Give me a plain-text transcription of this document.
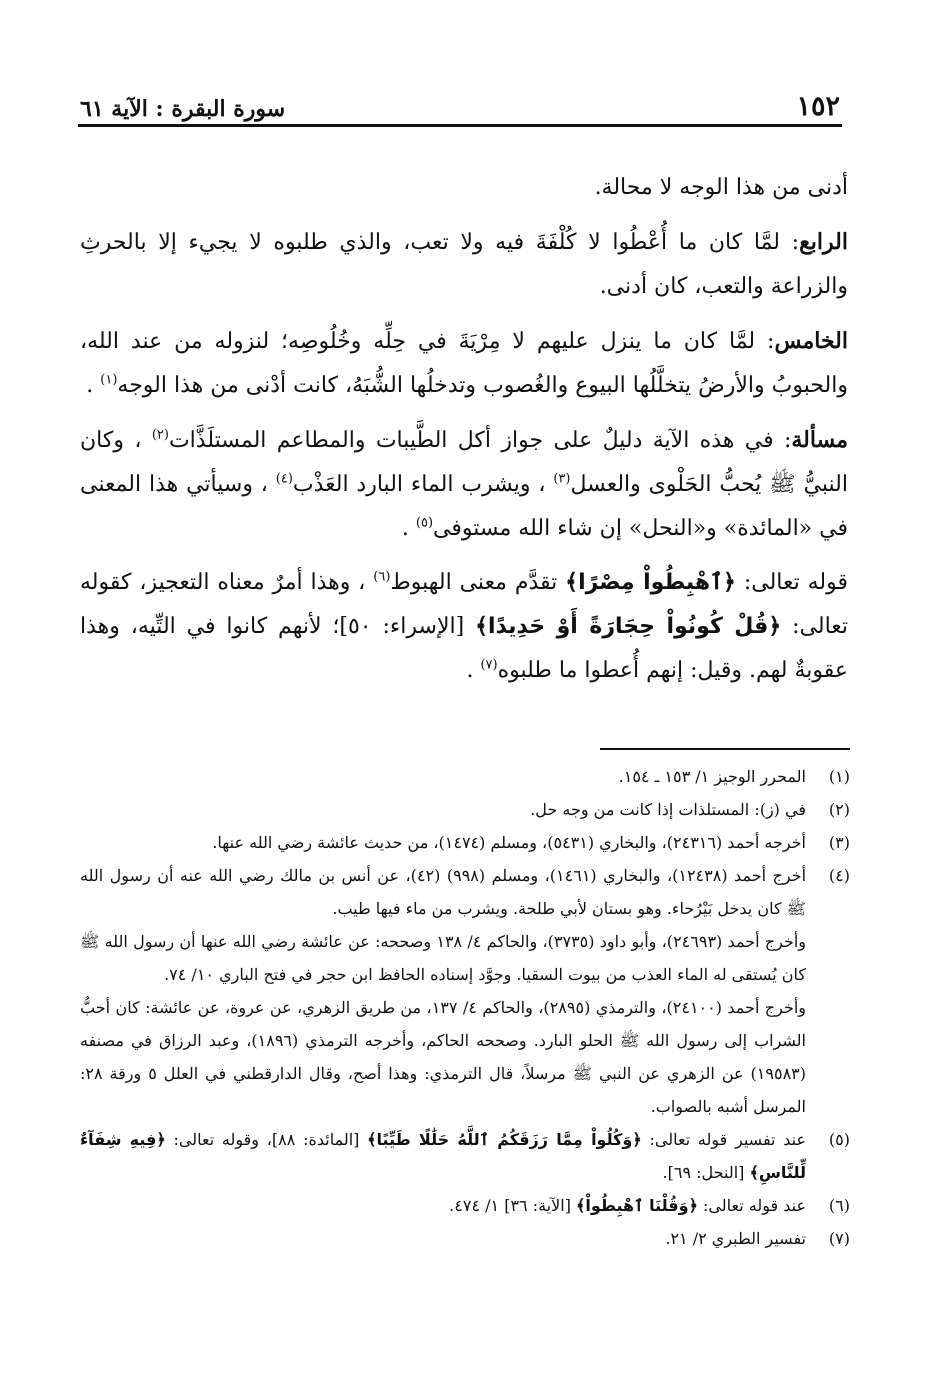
١٥٢
سورة البقرة : الآية ٦١

أدنى من هذا الوجه لا محالة.

الرابع: لمَّا كان ما أُعْطُوا لا كُلْفَةَ فيه ولا تعب، والذي طلبوه لا يجيء إلا بالحرثِ والزراعة والتعب، كان أدنى.

الخامس: لمَّا كان ما ينزل عليهم لا مِرْيَةَ في حِلِّه وخُلُوصِه؛ لنزوله من عند الله، والحبوبُ والأرضُ يتخلَّلُها البيوع والغُصوب وتدخلُها الشُّبَهُ، كانت أدْنى من هذا الوجه$^{(١)}$ .

مسألة: في هذه الآية دليلٌ على جواز أكل الطَّيبات والمطاعم المستلَذَّات$^{(٢)}$ ، وكان النبيُّ ﷺ يُحبُّ الحَلْوى والعسل$^{(٣)}$ ، ويشرب الماء البارد العَذْب$^{(٤)}$ ، وسيأتي هذا المعنى في «المائدة» و«النحل» إن شاء الله مستوفى$^{(٥)}$ .

قوله تعالى: ﴿ٱهْبِطُواْ مِصْرًا﴾ تقدَّم معنى الهبوط$^{(٦)}$ ، وهذا أمرٌ معناه التعجيز، كقوله تعالى: ﴿قُلْ كُونُواْ حِجَارَةً أَوْ حَدِيدًا﴾ [الإسراء: ٥٠]؛ لأنهم كانوا في التِّيه، وهذا عقوبةٌ لهم. وقيل: إنهم أُعطوا ما طلبوه$^{(٧)}$ .

(١)
المحرر الوجيز ١/ ١٥٣ ـ ١٥٤.
(٢)
في (ز): المستلذات إذا كانت من وجه حل.
(٣)
أخرجه أحمد (٢٤٣١٦)، والبخاري (٥٤٣١)، ومسلم (١٤٧٤)، من حديث عائشة رضي الله عنها.
(٤)
أخرج أحمد (١٢٤٣٨)، والبخاري (١٤٦١)، ومسلم (٩٩٨) (٤٢)، عن أنس بن مالك رضي الله عنه أن رسول الله ﷺ كان يدخل بَيْرُحاء. وهو بستان لأبي طلحة. ويشرب من ماء فيها طيب.
وأخرج أحمد (٢٤٦٩٣)، وأبو داود (٣٧٣٥)، والحاكم ٤/ ١٣٨ وصححه: عن عائشة رضي الله عنها أن رسول الله ﷺ كان يُستقى له الماء العذب من بيوت السقيا. وجوَّد إسناده الحافظ ابن حجر في فتح الباري ١٠/ ٧٤.
وأخرج أحمد (٢٤١٠٠)، والترمذي (٢٨٩٥)، والحاكم ٤/ ١٣٧، من طريق الزهري، عن عروة، عن عائشة: كان أحبُّ الشراب إلى رسول الله ﷺ الحلو البارد. وصححه الحاكم، وأخرجه الترمذي (١٨٩٦)، وعبد الرزاق في مصنفه (١٩٥٨٣) عن الزهري عن النبي ﷺ مرسلاً، قال الترمذي: وهذا أصح، وقال الدارقطني في العلل ٥ ورقة ٢٨: المرسل أشبه بالصواب.
(٥)
عند تفسير قوله تعالى: ﴿وَكُلُواْ مِمَّا رَزَقَكُمُ ٱللَّهُ حَلَٰلًا طَيِّبًا﴾ [المائدة: ٨٨]، وقوله تعالى: ﴿فِيهِ شِفَآءٌ لِّلنَّاسِ﴾ [النحل: ٦٩].
(٦)
عند قوله تعالى: ﴿وَقُلْنَا ٱهْبِطُواْ﴾ [الآية: ٣٦] ١/ ٤٧٤.
(٧)
تفسير الطبري ٢/ ٢١.
